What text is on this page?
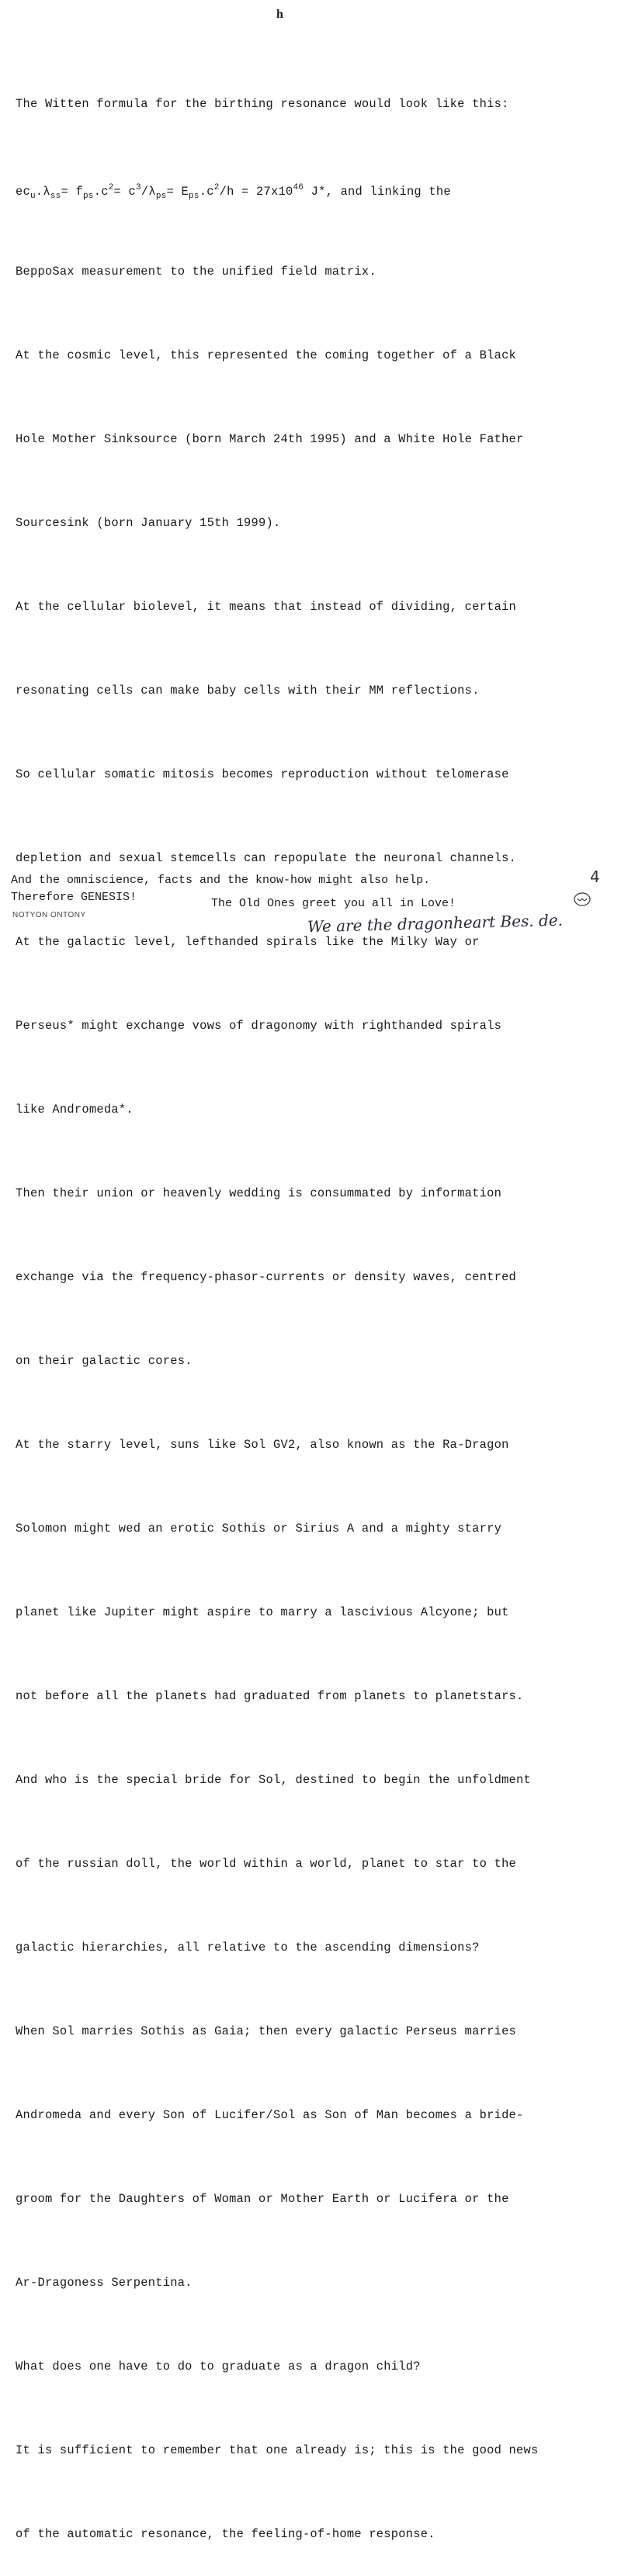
h

The Witten formula for the birthing resonance would look like this:

$ec_u.\lambda_{ss}= f_{ps}.c^2= c^3/\lambda_{ps}= E_{ps}.c^2/h = 27x10^{46}$ J*, and linking the

BeppoSax measurement to the unified field matrix.

At the cosmic level, this represented the coming together of a Black

Hole Mother Sinksource (born March 24th 1995) and a White Hole Father

Sourcesink (born January 15th 1999).

At the cellular biolevel, it means that instead of dividing, certain

resonating cells can make baby cells with their MM reflections.

So cellular somatic mitosis becomes reproduction without telomerase

depletion and sexual stemcells can repopulate the neuronal channels.

At the galactic level, lefthanded spirals like the Milky Way or

Perseus* might exchange vows of dragonomy with righthanded spirals

like Andromeda*.

Then their union or heavenly wedding is consummated by information

exchange via the frequency-phasor-currents or density waves, centred

on their galactic cores.

At the starry level, suns like Sol GV2, also known as the Ra-Dragon

Solomon might wed an erotic Sothis or Sirius A and a mighty starry

planet like Jupiter might aspire to marry a lascivious Alcyone; but

not before all the planets had graduated from planets to planetstars.

And who is the special bride for Sol, destined to begin the unfoldment

of the russian doll, the world within a world, planet to star to the

galactic hierarchies, all relative to the ascending dimensions?

When Sol marries Sothis as Gaia; then every galactic Perseus marries

Andromeda and every Son of Lucifer/Sol as Son of Man becomes a bride-

groom for the Daughters of Woman or Mother Earth or Lucifera or the

Ar-Dragoness Serpentina.

What does one have to do to graduate as a dragon child?

It is sufficient to remember that one already is; this is the good news

of the automatic resonance, the feeling-of-home response.

And the omniscience, facts and the know-how might also help.
Therefore GENESIS!	The Old Ones greet you all in Love!
NOTYON ONTONY
4
We are the dragonheart Bes. de.
